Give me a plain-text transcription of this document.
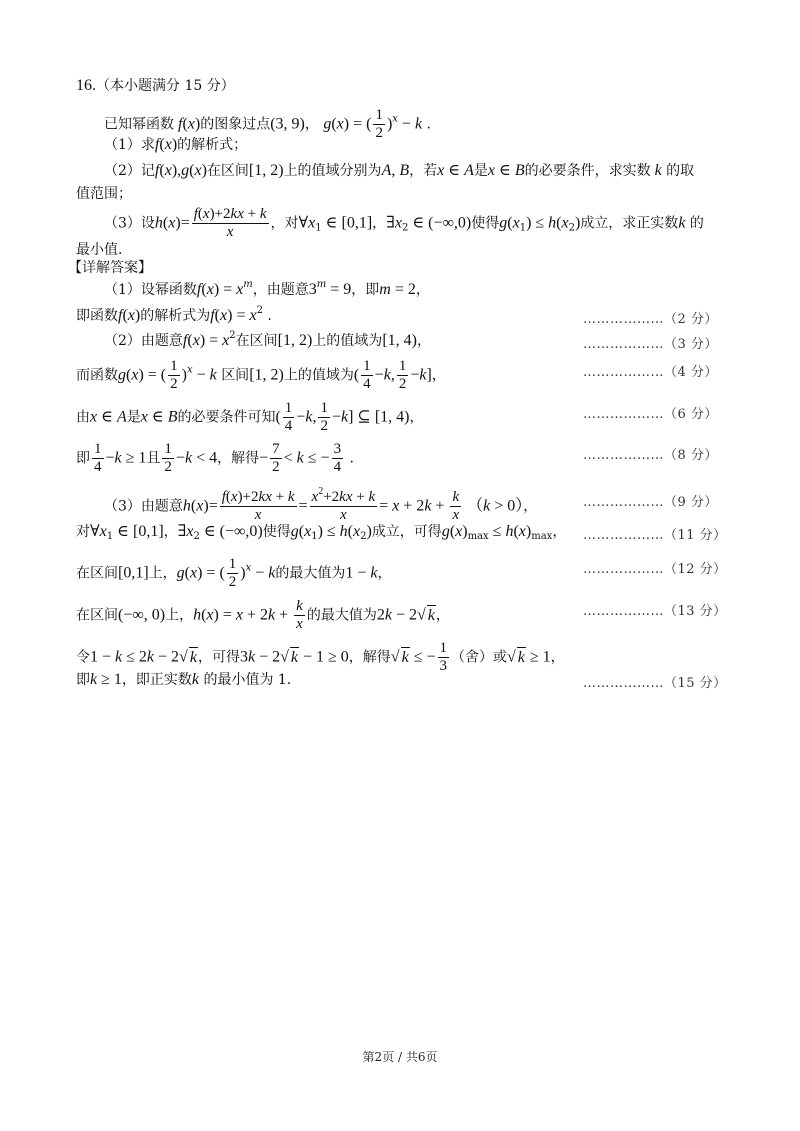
16.（本小题满分 15 分）
已知幂函数 f(x)的图象过点(3, 9)， g(x) = ( $\frac{1}{2} )^x - k$ .
（1）求f(x)的解析式；
（2）记f(x),g(x)在区间[1, 2)上的值域分别为A, B，若x ∈ A是x ∈ B的必要条件，求实数 k 的取
值范围；
（3）设$h(x)= \frac{f(x)+2kx + k}{x}$ ，对$\forall x_1$ ∈ [0,1]，$\exists x_2$ ∈ (−∞,0)使得$g(x_1) \le h(x_2)$成立，求正实数k 的
最小值.
【详解答案】
（1）设幂函数$f(x) = x^m$，由题意$3^m = 9$，即m = 2，
即函数f(x)的解析式为$f(x) = x^2$ .	………………（2 分）
（2）由题意$f(x) = x^2$在区间[1, 2)上的值域为[1, 4)，	………………（3 分）
而函数g(x) = ( $\frac{1}{2} )^x - k$ 区间[1, 2)上的值域为( $\frac{1}{4} -k$, $\frac{1}{2} -k$]，	………………（4 分）
由x ∈ A是x ∈ B的必要条件可知( $\frac{1}{4} -k$, $\frac{1}{2} -k$] ⊆ [1, 4)，	………………（6 分）
即 $\frac{1}{4} -k \ge 1$且 $\frac{1}{2} -k < 4$，解得− $\frac{7}{2} < k$ ≤ − $\frac{3}{4}$ .	………………（8 分）
（3）由题意$h(x)= \frac{f(x)+2kx + k}{x} = \frac{x^2+2kx + k}{x} = x + 2k + \frac{k}{x} (k > 0)$，	………………（9 分）
对$\forall x_1$ ∈ [0,1]，$\exists x_2$ ∈ (−∞,0)使得$g(x_1) \le h(x_2)$成立，可得$g(x)_{max} \le h(x)_{max}$， ………………（11 分）
在区间[0,1]上，g(x) = ( $\frac{1}{2} )^x - k$的最大值为1 − k，	………………（12 分）
在区间(−∞, 0)上，$h(x) = x + 2k + \frac{k}{x}$ 的最大值为2k − 2√ k，	………………（13 分）
令1 − k ≤ 2k − 2√ k，可得3k − 2√ k − 1 ≥ 0，解得√ k ≤ − $\frac{1}{3}$ （舍）或√ k ≥ 1，
即k ≥ 1，即正实数k 的最小值为 1.	………………（15 分）
第2页 / 共6页
